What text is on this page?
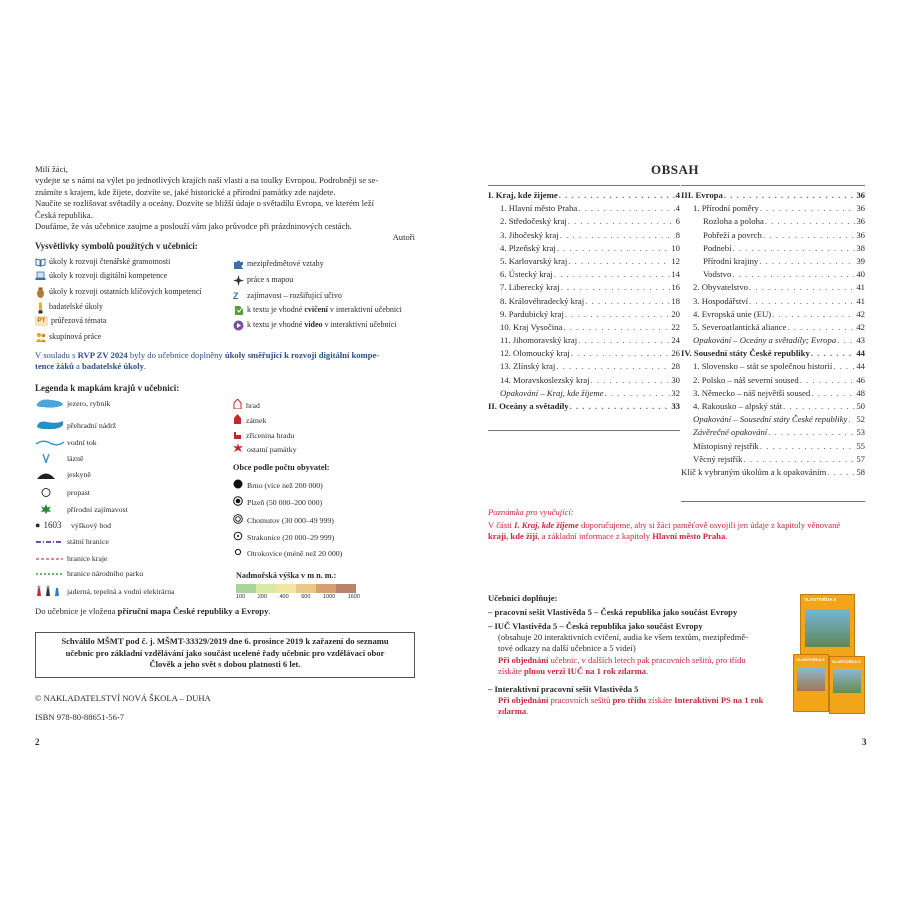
Milí žáci,

vydejte se s námi na výlet po jednotlivých krajích naší vlasti a na toulky Evropou. Podrobněji se se-

známíte s krajem, kde žijete, dozvíte se, jaké historické a přírodní památky zde najdete.

Naučíte se rozlišovat světadíly a oceány. Dozvíte se bližší údaje o světadílu Evropa, ve kterém leží

Česká republika.

Doufáme, že vás učebnice zaujme a poslouží vám jako průvodce při prázdninových cestách.

Autoři

Vysvětlivky symbolů použitých v učebnici:
úkoly k rozvoji čtenářské gramotnosti
úkoly k rozvoji digitální kompetence
úkoly k rozvoji ostatních klíčových kompetencí
badatelské úkoly
PT průřezová témata
skupinová práce
mezipředmětové vztahy
práce s mapou
Z	zajímavost – rozšiřující učivo
k textu je vhodné cvičení v interaktivní učebnici
k textu je vhodné video v interaktivní učebnici
V souladu s RVP ZV 2024 byly do učebnice doplněny úkoly směřující k rozvoji digitální kompe-
tence žáků a badatelské úkoly.
Legenda k mapkám krajů v učebnici:
jezero, rybník
přehradní nádrž
vodní tok
lázně
jeskyně
propast
přírodní zajímavost
● 1603 výškový bod
státní hranice
hranice kraje
hranice národního parku
jaderná, tepelná a vodní elektrárna
hrad
zámek
zřícenina hradu
ostatní památky
Obce podle počtu obyvatel:
Brno (více než 200 000)
Plzeň (50 000–200 000)
Chomutov (30 000–49 999)
Strakonice (20 000–29 999)
Otrokovice (méně než 20 000)
Nadmořská výška v m n. m.:
100 200 400 600 1000 1600
Do učebnice je vložena příruční mapa České republiky a Evropy.
Schválilo MŠMT pod č. j. MŠMT-33329/2019 dne 6. prosince 2019 k zařazení do seznamu
učebnic pro základní vzdělávání jako součást ucelené řady učebnic pro vzdělávací obor
Člověk a jeho svět s dobou platnosti 6 let.
© NAKLADATELSTVÍ NOVÁ ŠKOLA – DUHA
ISBN 978-80-88651-56-7
2
OBSAH
I. Kraj, kde žijeme . . .	4
1. Hlavní město Praha . . .	4
2. Středočeský kraj . . .	6
3. Jihočeský kraj . . .	8
4. Plzeňský kraj . . .	10
5. Karlovarský kraj . . .	12
6. Ústecký kraj . . .	14
7. Liberecký kraj . . .	16
8. Královéhradecký kraj . . .	18
9. Pardubický kraj . . .	20
10. Kraj Vysočina . . .	22
11. Jihomoravský kraj . . .	24
12. Olomoucký kraj . . .	26
13. Zlínský kraj . . .	28
14. Moravskoslezský kraj . . .	30
Opakování – Kraj, kde žijeme . . .	32
II. Oceány a světadíly . . .	33
III. Evropa . . .	36
1. Přírodní poměry . . .	36
Rozloha a poloha . . .	36
Pobřeží a povrch . . .	36
Podnebí . . .	38
Přírodní krajiny . . .	39
Vodstvo . . .	40
2. Obyvatelstvo . . .	41
3. Hospodářství . . .	41
4. Evropská unie (EU) . . .	42
5. Severoatlantická aliance . . .	42
Opakování – Oceány a světadíly; Evropa . . . 43
IV. Sousední státy České republiky . . .	44
1. Slovensko – stát se společnou historií . . .	44
2. Polsko – náš severní soused . . .	46
3. Německo – náš největší soused . . .	48
4. Rakousko – alpský stát . . .	50
Opakování – Sousední státy České republiky . . . 52
Závěrečné opakování . . .	53
Místopisný rejstřík . . .	55
Věcný rejstřík . . .	57
Klíč k vybraným úkolům a k opakováním . . .	58
Poznámka pro vyučující:
V části I. Kraj, kde žijeme doporučujeme, aby si žáci paměťově osvojili jen údaje z kapitoly věnované
kraji, kde žijí, a základní informace z kapitoly Hlavní město Praha.
Učebnici doplňuje:
– pracovní sešit Vlastivěda 5 – Česká republika jako součást Evropy
– IUČ Vlastivěda 5 – Česká republika jako součást Evropy
(obsahuje 20 interaktivních cvičení, audia ke všem textům, mezipředmě-
tové odkazy na další učebnice a 5 videí)
Při objednání učebnic, v dalších letech pak pracovních sešitů, pro třídu
získáte plnou verzi IUČ na 1 rok zdarma.
– Interaktivní pracovní sešit Vlastivěda 5
Při objednání pracovních sešitů pro třídu získáte Interaktivní PS na 1 rok
zdarma.
VLASTIVĚDA 5
VLASTIVĚDA 5	VLASTIVĚDA 5
3
